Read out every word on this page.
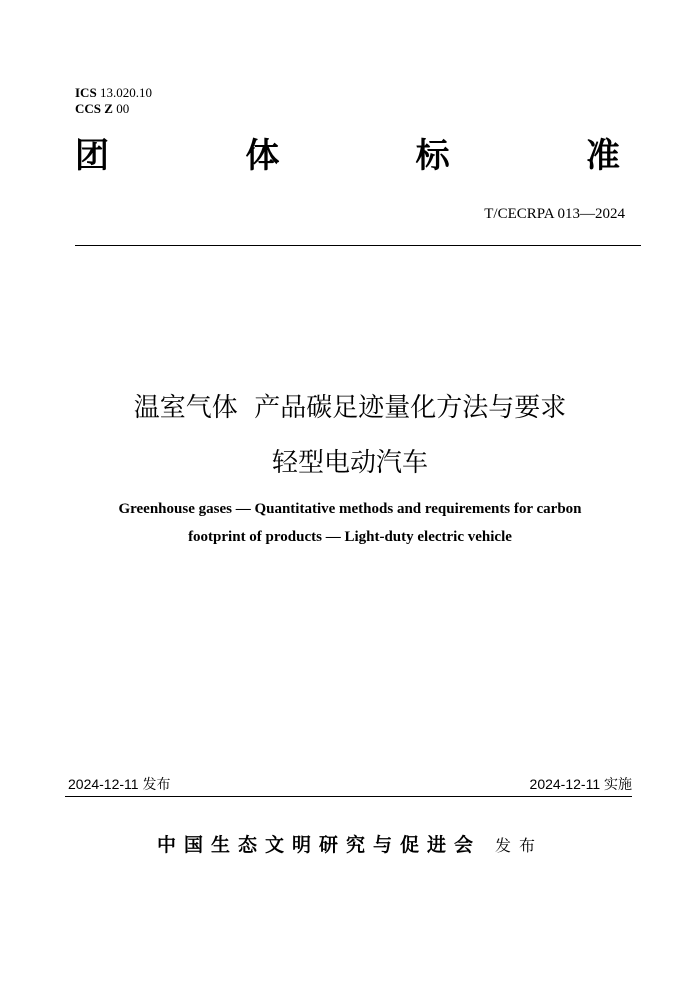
ICS 13.020.10
CCS Z 00
团	体	标	准
T/CECRPA 013—2024
温室气体  产品碳足迹量化方法与要求
轻型电动汽车
Greenhouse gases — Quantitative methods and requirements for carbon
footprint of products — Light-duty electric vehicle
2024-12-11 发布	2024-12-11 实施
中国生态文明研究与促进会 发布
